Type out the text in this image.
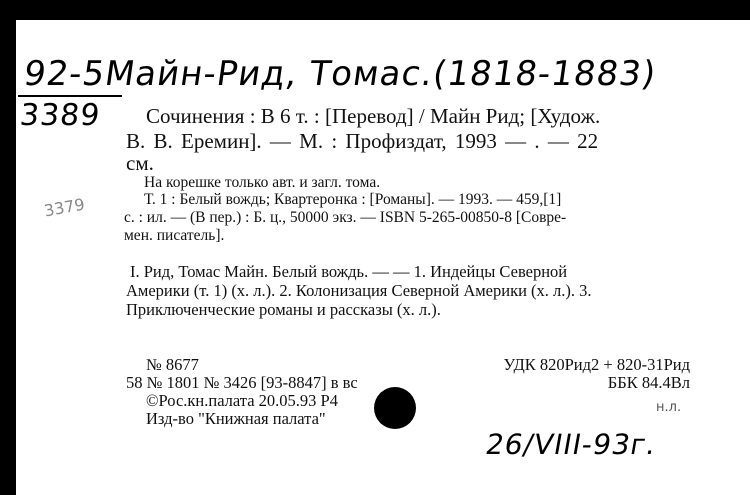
92-5Майн-Рид, Томас.(1818-1883)
3389 Сочинения : В 6 т. : [Перевод] / Майн Рид; [Худож.
В. В. Еремин]. — М. : Профиздат, 1993 — . — 22
см.
На корешке только авт. и загл. тома.
Т. 1 : Белый вождь; Квартеронка : [Романы]. — 1993. — 459,[1]
с. : ил. — (В пер.) : Б. ц., 50000 экз. — ISBN 5-265-00850-8 [Совре-
мен. писатель].
3379
I. Рид, Томас Майн. Белый вождь. — — 1. Индейцы Северной
Америки (т. 1) (х. л.). 2. Колонизация Северной Америки (х. л.). 3.
Приключенческие романы и рассказы (х. л.).
№ 8677
58 № 1801 № 3426 [93-8847] в вс
©Рос.кн.палата 20.05.93 Р4
Изд-во "Книжная палата"
УДК 820Рид2 + 820-31Рид
ББК 84.4Вл
н.л.
26/VIII-93г.
